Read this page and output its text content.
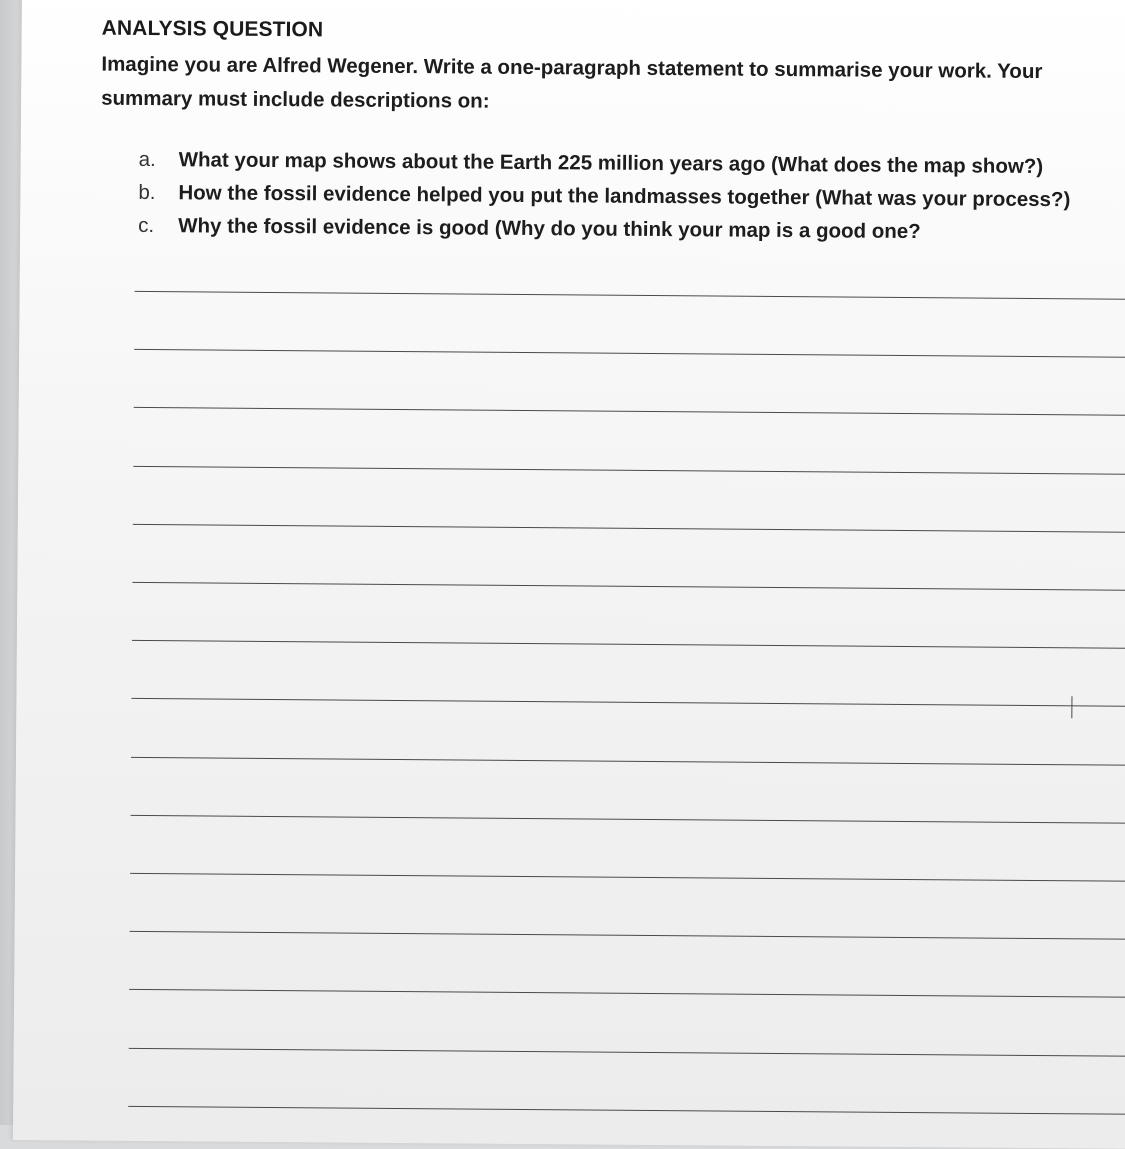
ANALYSIS QUESTION

Imagine you are Alfred Wegener. Write a one-paragraph statement to summarise your work. Your summary must include descriptions on:

a.	What your map shows about the Earth 225 million years ago (What does the map show?)
b.	How the fossil evidence helped you put the landmasses together (What was your process?)
c.	Why the fossil evidence is good (Why do you think your map is a good one?
